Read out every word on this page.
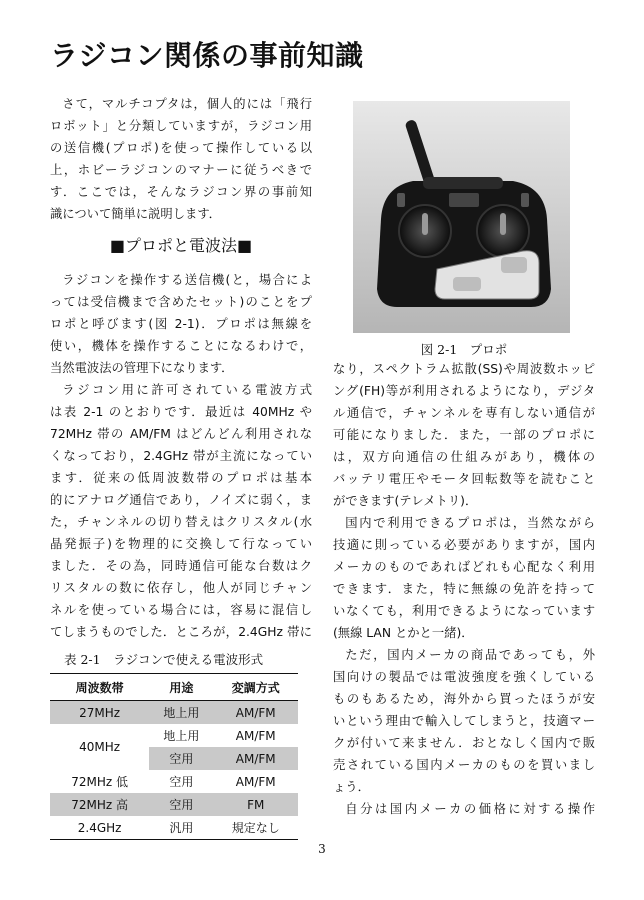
ラジコン関係の事前知識
さて，マルチコプタは，個人的には「飛行
ロボット」と分類していますが，ラジコン用
の送信機(プロポ)を使って操作している以
上，ホビーラジコンのマナーに従うべきで
す．ここでは，そんなラジコン界の事前知
識について簡単に説明します．
■プロポと電波法■
ラジコンを操作する送信機(と，場合によ
っては受信機まで含めたセット)のことをプ
ロポと呼びます(図 2-1)．プロポは無線を
使い，機体を操作することになるわけで，
当然電波法の管理下になります．
ラジコン用に許可されている電波方式
は表 2-1 のとおりです．最近は 40MHz や
72MHz 帯の AM/FM はどんどん利用されな
くなっており，2.4GHz 帯が主流になってい
ます．従来の低周波数帯のプロポは基本
的にアナログ通信であり，ノイズに弱く，ま
た，チャンネルの切り替えはクリスタル(水
晶発振子)を物理的に交換して行なってい
ました．その為，同時通信可能な台数はク
リスタルの数に依存し，他人が同じチャン
ネルを使っている場合には，容易に混信し
てしまうものでした．ところが，2.4GHz 帯に
図 2-1　プロポ
なり，スペクトラム拡散(SS)や周波数ホッピ
ング(FH)等が利用されるようになり，デジタ
ル通信で，チャンネルを専有しない通信が
可能になりました．また，一部のプロポに
は，双方向通信の仕組みがあり，機体の
バッテリ電圧やモータ回転数等を読むこと
ができます(テレメトリ)．
国内で利用できるプロポは，当然ながら
技適に則っている必要がありますが，国内
メーカのものであればどれも心配なく利用
できます．また，特に無線の免許を持って
いなくても，利用できるようになっています
(無線 LAN とかと一緒)．
ただ，国内メーカの商品であっても，外
国向けの製品では電波強度を強くしている
ものもあるため，海外から買ったほうが安
いという理由で輸入してしまうと，技適マー
クが付いて来ません．おとなしく国内で販
売されている国内メーカのものを買いまし
ょう．
自分は国内メーカの価格に対する操作
表 2-1　ラジコンで使える電波形式
周波数帯	用途	変調方式
27MHz	地上用	AM/FM
40MHz	地上用	AM/FM
	空用	AM/FM
72MHz 低	空用	AM/FM
72MHz 高	空用	FM
2.4GHz	汎用	規定なし
3
